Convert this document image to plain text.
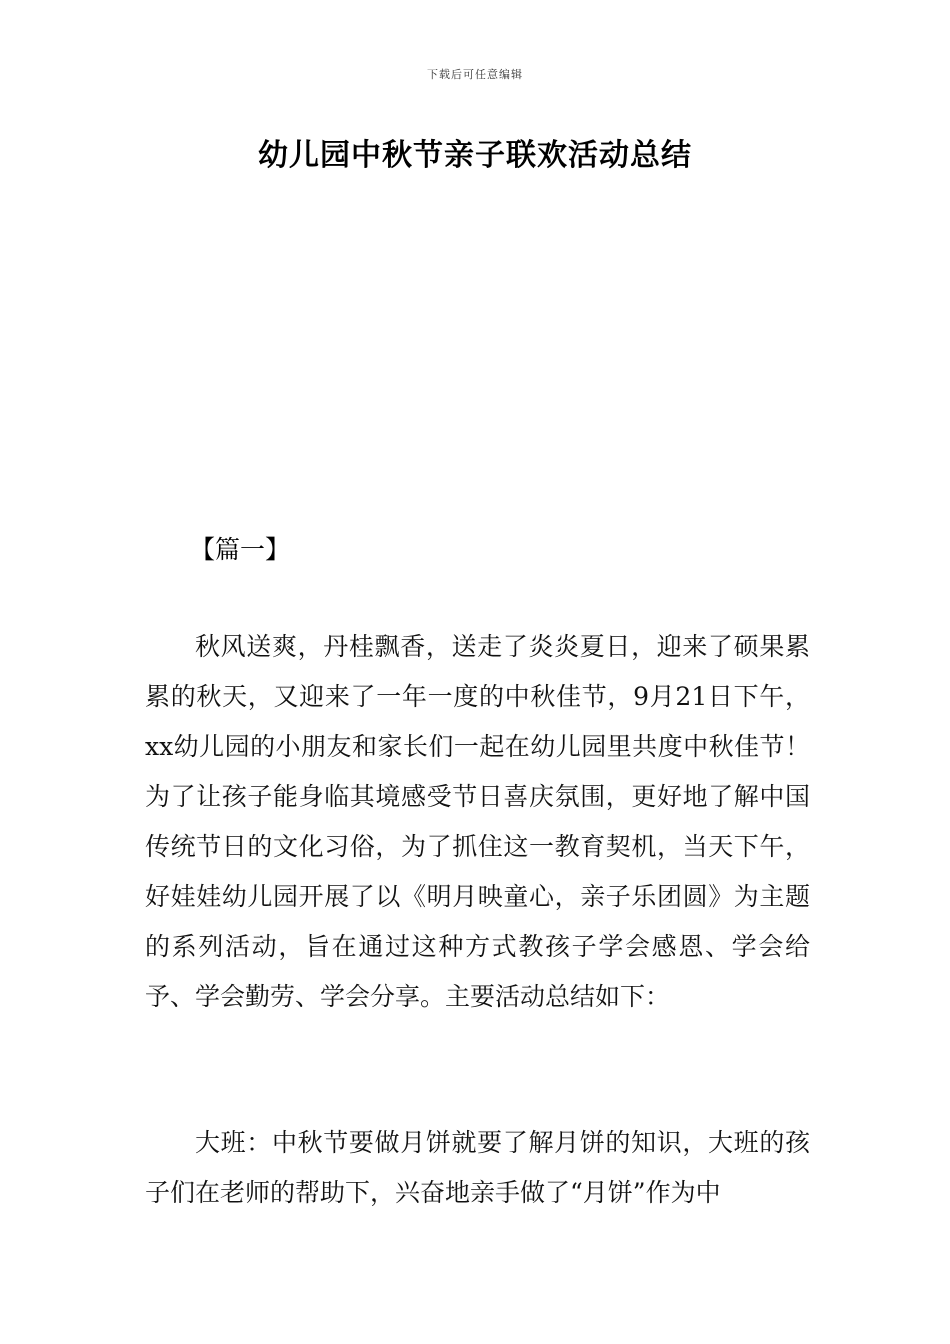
下载后可任意编辑
幼儿园中秋节亲子联欢活动总结
【篇一】

秋风送爽，丹桂飘香，送走了炎炎夏日，迎来了硕果累累的秋天，又迎来了一年一度的中秋佳节，9月21日下午，xx幼儿园的小朋友和家长们一起在幼儿园里共度中秋佳节！为了让孩子能身临其境感受节日喜庆氛围，更好地了解中国传统节日的文化习俗，为了抓住这一教育契机，当天下午，好娃娃幼儿园开展了以《明月映童心，亲子乐团圆》为主题的系列活动，旨在通过这种方式教孩子学会感恩、学会给予、学会勤劳、学会分享。主要活动总结如下：

大班：中秋节要做月饼就要了解月饼的知识，大班的孩子们在老师的帮助下，兴奋地亲手做了“月饼”作为中
